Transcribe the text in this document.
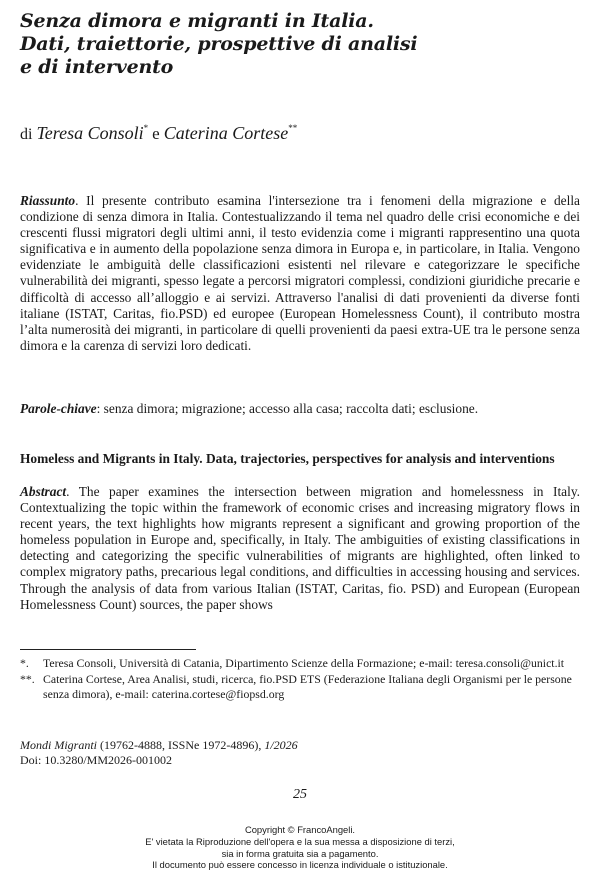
Senza dimora e migranti in Italia.
Dati, traiettorie, prospettive di analisi
e di intervento

di Teresa Consoli* e Caterina Cortese**

Riassunto. Il presente contributo esamina l'intersezione tra i fenomeni della migrazione e della condizione di senza dimora in Italia. Contestualizzando il tema nel quadro delle crisi economiche e dei crescenti flussi migratori degli ultimi anni, il testo evidenzia come i migranti rappresentino una quota significativa e in aumento della popolazione senza dimora in Europa e, in particolare, in Italia. Vengono evidenziate le ambiguità delle classificazioni esistenti nel rilevare e categorizzare le specifiche vulnerabilità dei migranti, spesso legate a percorsi migratori complessi, condizioni giuridiche precarie e difficoltà di accesso all’alloggio e ai servizi. Attraverso l'analisi di dati provenienti da diverse fonti italiane (ISTAT, Caritas, fio.PSD) ed europee (European Homelessness Count), il contributo mostra l’alta numerosità dei migranti, in particolare di quelli provenienti da paesi extra-UE tra le persone senza dimora e la carenza di servizi loro dedicati.

Parole-chiave: senza dimora; migrazione; accesso alla casa; raccolta dati; esclusione.

Homeless and Migrants in Italy. Data, trajectories, perspectives for analysis and interventions

Abstract. The paper examines the intersection between migration and homelessness in Italy. Contextualizing the topic within the framework of economic crises and increasing migratory flows in recent years, the text highlights how migrants represent a significant and growing proportion of the homeless population in Europe and, specifically, in Italy. The ambiguities of existing classifications in detecting and categorizing the specific vulnerabilities of migrants are highlighted, often linked to complex migratory paths, precarious legal conditions, and difficulties in accessing housing and services. Through the analysis of data from various Italian (ISTAT, Caritas, fio. PSD) and European (European Homelessness Count) sources, the paper shows

*. Teresa Consoli, Università di Catania, Dipartimento Scienze della Formazione; e-mail: teresa.consoli@unict.it
**. Caterina Cortese, Area Analisi, studi, ricerca, fio.PSD ETS (Federazione Italiana degli Organismi per le persone senza dimora), e-mail: caterina.cortese@fiopsd.org
Mondi Migranti (19762-4888, ISSNe 1972-4896), 1/2026
Doi: 10.3280/MM2026-001002

25

Copyright © FrancoAngeli.
E' vietata la Riproduzione dell'opera e la sua messa a disposizione di terzi,
sia in forma gratuita sia a pagamento.
Il documento può essere concesso in licenza individuale o istituzionale.
